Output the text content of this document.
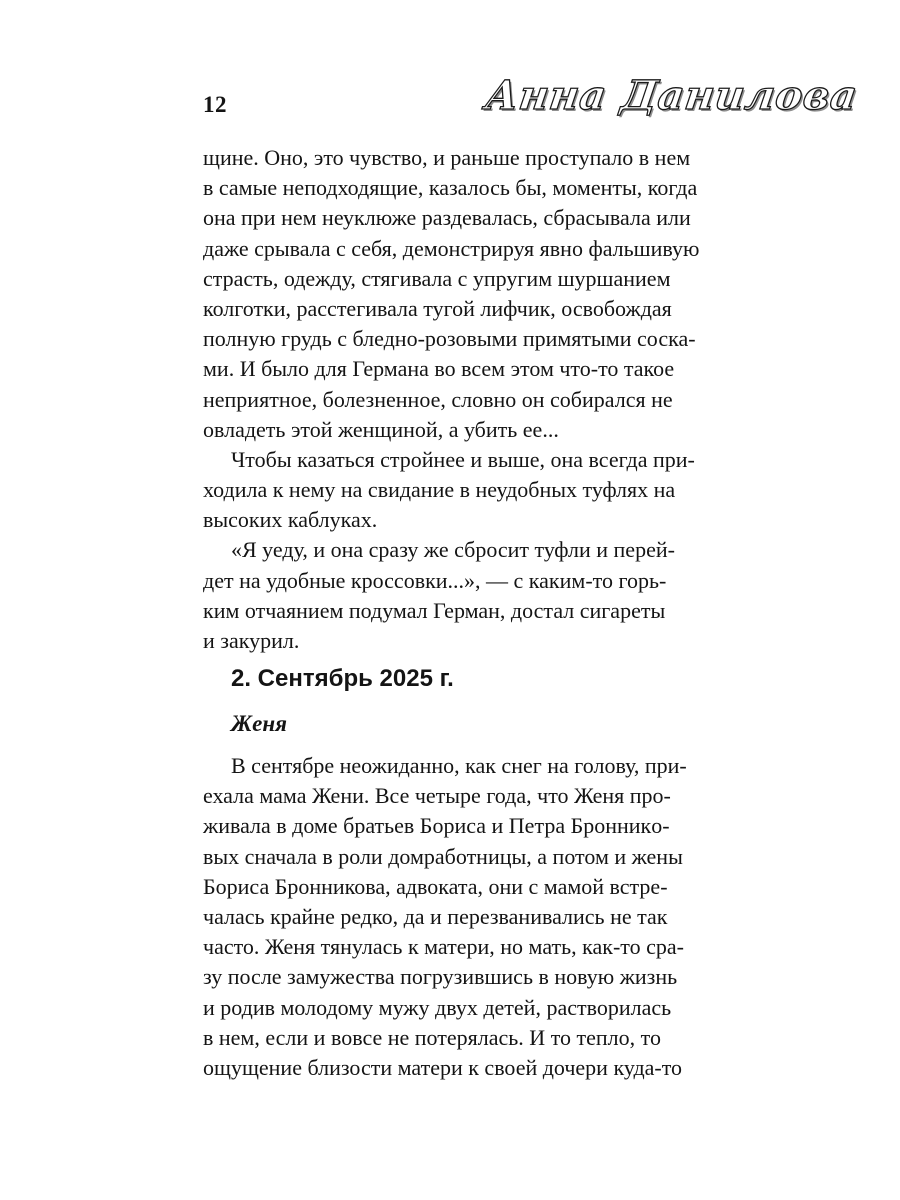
12	Анна Данилова
щине. Оно, это чувство, и раньше проступало в нем
в самые неподходящие, казалось бы, моменты, когда
она при нем неуклюже раздевалась, сбрасывала или
даже срывала с себя, демонстрируя явно фальшивую
страсть, одежду, стягивала с упругим шуршанием
колготки, расстегивала тугой лифчик, освобождая
полную грудь с бледно-розовыми примятыми соска-
ми. И было для Германа во всем этом что-то такое
неприятное, болезненное, словно он собирался не
овладеть этой женщиной, а убить ее...
Чтобы казаться стройнее и выше, она всегда при-
ходила к нему на свидание в неудобных туфлях на
высоких каблуках.
«Я уеду, и она сразу же сбросит туфли и перей-
дет на удобные кроссовки...», — с каким-то горь-
ким отчаянием подумал Герман, достал сигареты
и закурил.
2. Сентябрь 2025 г.
Женя
В сентябре неожиданно, как снег на голову, при-
ехала мама Жени. Все четыре года, что Женя про-
живала в доме братьев Бориса и Петра Бронникo-
вых сначала в роли домработницы, а потом и жены
Бориса Бронникова, адвоката, они с мамой встре-
чалась крайне редко, да и перезванивались не так
часто. Женя тянулась к матери, но мать, как-то сра-
зу после замужества погрузившись в новую жизнь
и родив молодому мужу двух детей, растворилась
в нем, если и вовсе не потерялась. И то тепло, то
ощущение близости матери к своей дочери куда-то
